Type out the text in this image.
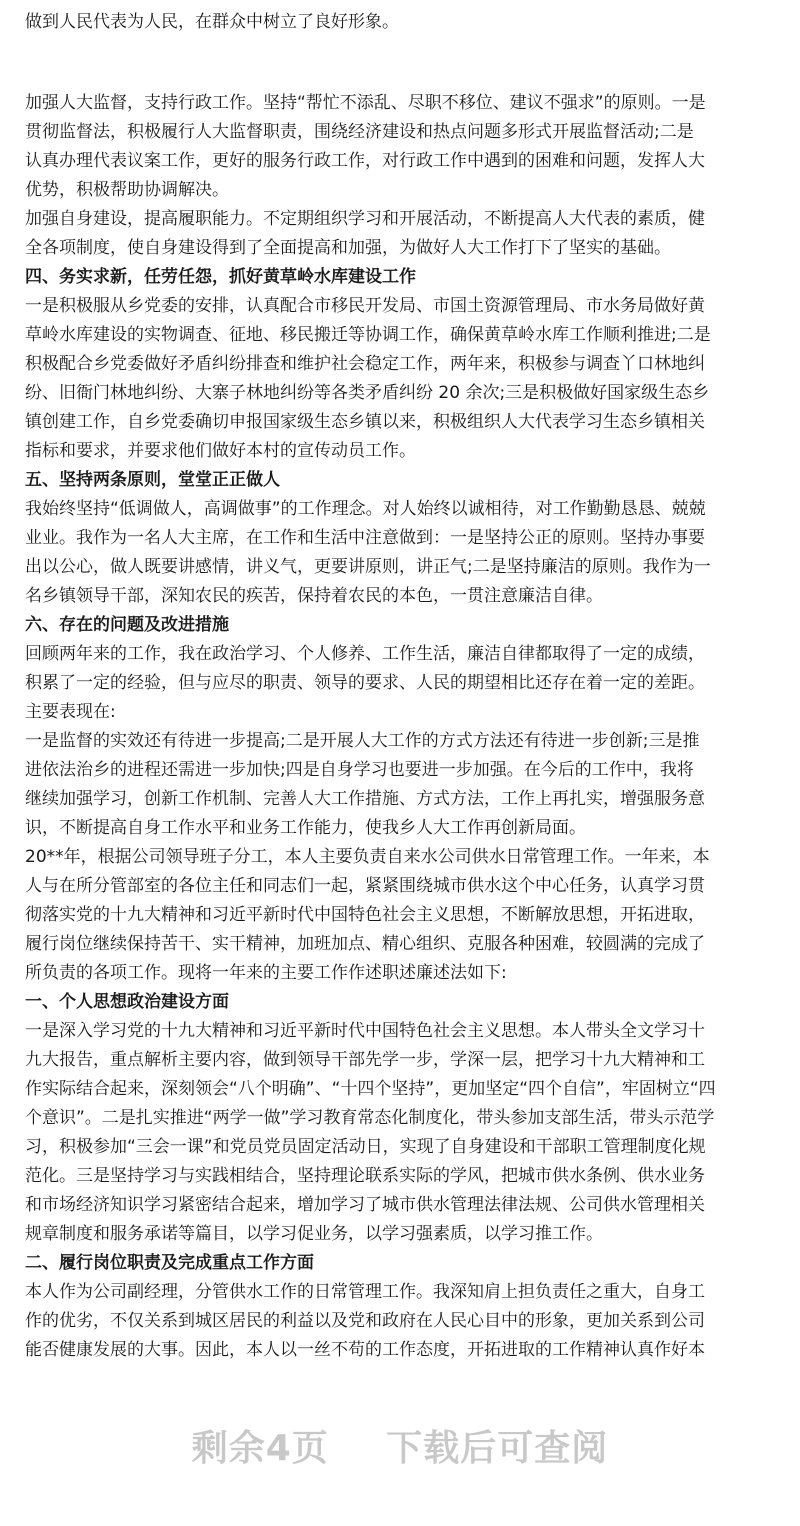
做到人民代表为人民，在群众中树立了良好形象。

加强人大监督，支持行政工作。坚持“帮忙不添乱、尽职不移位、建议不强求”的原则。一是

贯彻监督法，积极履行人大监督职责，围绕经济建设和热点问题多形式开展监督活动;二是

认真办理代表议案工作，更好的服务行政工作，对行政工作中遇到的困难和问题，发挥人大

优势，积极帮助协调解决。

加强自身建设，提高履职能力。不定期组织学习和开展活动，不断提高人大代表的素质，健

全各项制度，使自身建设得到了全面提高和加强，为做好人大工作打下了坚实的基础。

四、务实求新，任劳任怨，抓好黄草岭水库建设工作

一是积极服从乡党委的安排，认真配合市移民开发局、市国土资源管理局、市水务局做好黄

草岭水库建设的实物调查、征地、移民搬迁等协调工作，确保黄草岭水库工作顺利推进;二是

积极配合乡党委做好矛盾纠纷排查和维护社会稳定工作，两年来，积极参与调查丫口林地纠

纷、旧衙门林地纠纷、大寨子林地纠纷等各类矛盾纠纷 20 余次;三是积极做好国家级生态乡

镇创建工作，自乡党委确切申报国家级生态乡镇以来，积极组织人大代表学习生态乡镇相关

指标和要求，并要求他们做好本村的宣传动员工作。

五、坚持两条原则，堂堂正正做人

我始终坚持“低调做人，高调做事”的工作理念。对人始终以诚相待，对工作勤勤恳恳、兢兢

业业。我作为一名人大主席，在工作和生活中注意做到：一是坚持公正的原则。坚持办事要

出以公心，做人既要讲感情，讲义气，更要讲原则，讲正气;二是坚持廉洁的原则。我作为一

名乡镇领导干部，深知农民的疾苦，保持着农民的本色，一贯注意廉洁自律。

六、存在的问题及改进措施

回顾两年来的工作，我在政治学习、个人修养、工作生活，廉洁自律都取得了一定的成绩，

积累了一定的经验，但与应尽的职责、领导的要求、人民的期望相比还存在着一定的差距。

主要表现在:

一是监督的实效还有待进一步提高;二是开展人大工作的方式方法还有待进一步创新;三是推

进依法治乡的进程还需进一步加快;四是自身学习也要进一步加强。在今后的工作中，我将

继续加强学习，创新工作机制、完善人大工作措施、方式方法，工作上再扎实，增强服务意

识，不断提高自身工作水平和业务工作能力，使我乡人大工作再创新局面。

20**年，根据公司领导班子分工，本人主要负责自来水公司供水日常管理工作。一年来，本

人与在所分管部室的各位主任和同志们一起，紧紧围绕城市供水这个中心任务，认真学习贯

彻落实党的十九大精神和习近平新时代中国特色社会主义思想，不断解放思想，开拓进取，

履行岗位继续保持苦干、实干精神，加班加点、精心组织、克服各种困难，较圆满的完成了

所负责的各项工作。现将一年来的主要工作作述职述廉述法如下:

一、个人思想政治建设方面

一是深入学习党的十九大精神和习近平新时代中国特色社会主义思想。本人带头全文学习十

九大报告，重点解析主要内容，做到领导干部先学一步，学深一层，把学习十九大精神和工

作实际结合起来，深刻领会“八个明确”、“十四个坚持”，更加坚定“四个自信”，牢固树立“四

个意识”。二是扎实推进“两学一做”学习教育常态化制度化，带头参加支部生活，带头示范学

习，积极参加“三会一课”和党员党员固定活动日，实现了自身建设和干部职工管理制度化规

范化。三是坚持学习与实践相结合，坚持理论联系实际的学风，把城市供水条例、供水业务

和市场经济知识学习紧密结合起来，增加学习了城市供水管理法律法规、公司供水管理相关

规章制度和服务承诺等篇目，以学习促业务，以学习强素质，以学习推工作。

二、履行岗位职责及完成重点工作方面

本人作为公司副经理，分管供水工作的日常管理工作。我深知肩上担负责任之重大，自身工

作的优劣，不仅关系到城区居民的利益以及党和政府在人民心目中的形象，更加关系到公司

能否健康发展的大事。因此，本人以一丝不苟的工作态度，开拓进取的工作精神认真作好本

剩余4页 下载后可查阅
